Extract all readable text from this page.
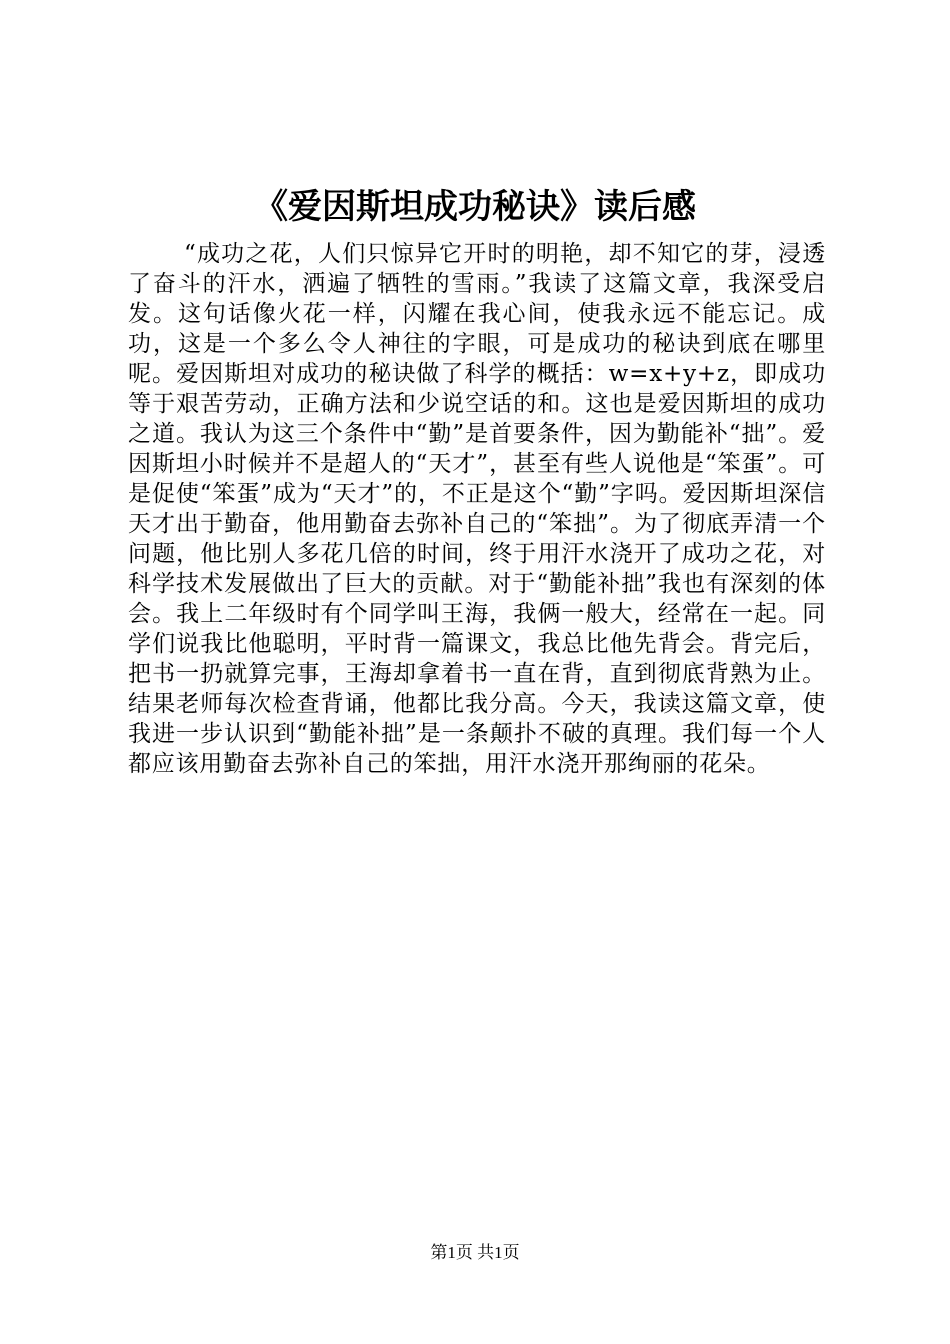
《爱因斯坦成功秘诀》读后感

“成功之花，人们只惊异它开时的明艳，却不知它的芽，浸透了奋斗的汗水，洒遍了牺牲的雪雨。”我读了这篇文章，我深受启发。这句话像火花一样，闪耀在我心间，使我永远不能忘记。成功，这是一个多么令人神往的字眼，可是成功的秘诀到底在哪里呢。爱因斯坦对成功的秘诀做了科学的概括：w=x+y+z，即成功等于艰苦劳动，正确方法和少说空话的和。这也是爱因斯坦的成功之道。我认为这三个条件中“勤”是首要条件，因为勤能补“拙”。爱因斯坦小时候并不是超人的“天才”，甚至有些人说他是“笨蛋”。可是促使“笨蛋”成为“天才”的，不正是这个“勤”字吗。爱因斯坦深信天才出于勤奋，他用勤奋去弥补自己的“笨拙”。为了彻底弄清一个问题，他比别人多花几倍的时间，终于用汗水浇开了成功之花，对科学技术发展做出了巨大的贡献。对于“勤能补拙”我也有深刻的体会。我上二年级时有个同学叫王海，我俩一般大，经常在一起。同学们说我比他聪明，平时背一篇课文，我总比他先背会。背完后，把书一扔就算完事，王海却拿着书一直在背，直到彻底背熟为止。结果老师每次检查背诵，他都比我分高。今天，我读这篇文章，使我进一步认识到“勤能补拙”是一条颠扑不破的真理。我们每一个人都应该用勤奋去弥补自己的笨拙，用汗水浇开那绚丽的花朵。

第1页 共1页
